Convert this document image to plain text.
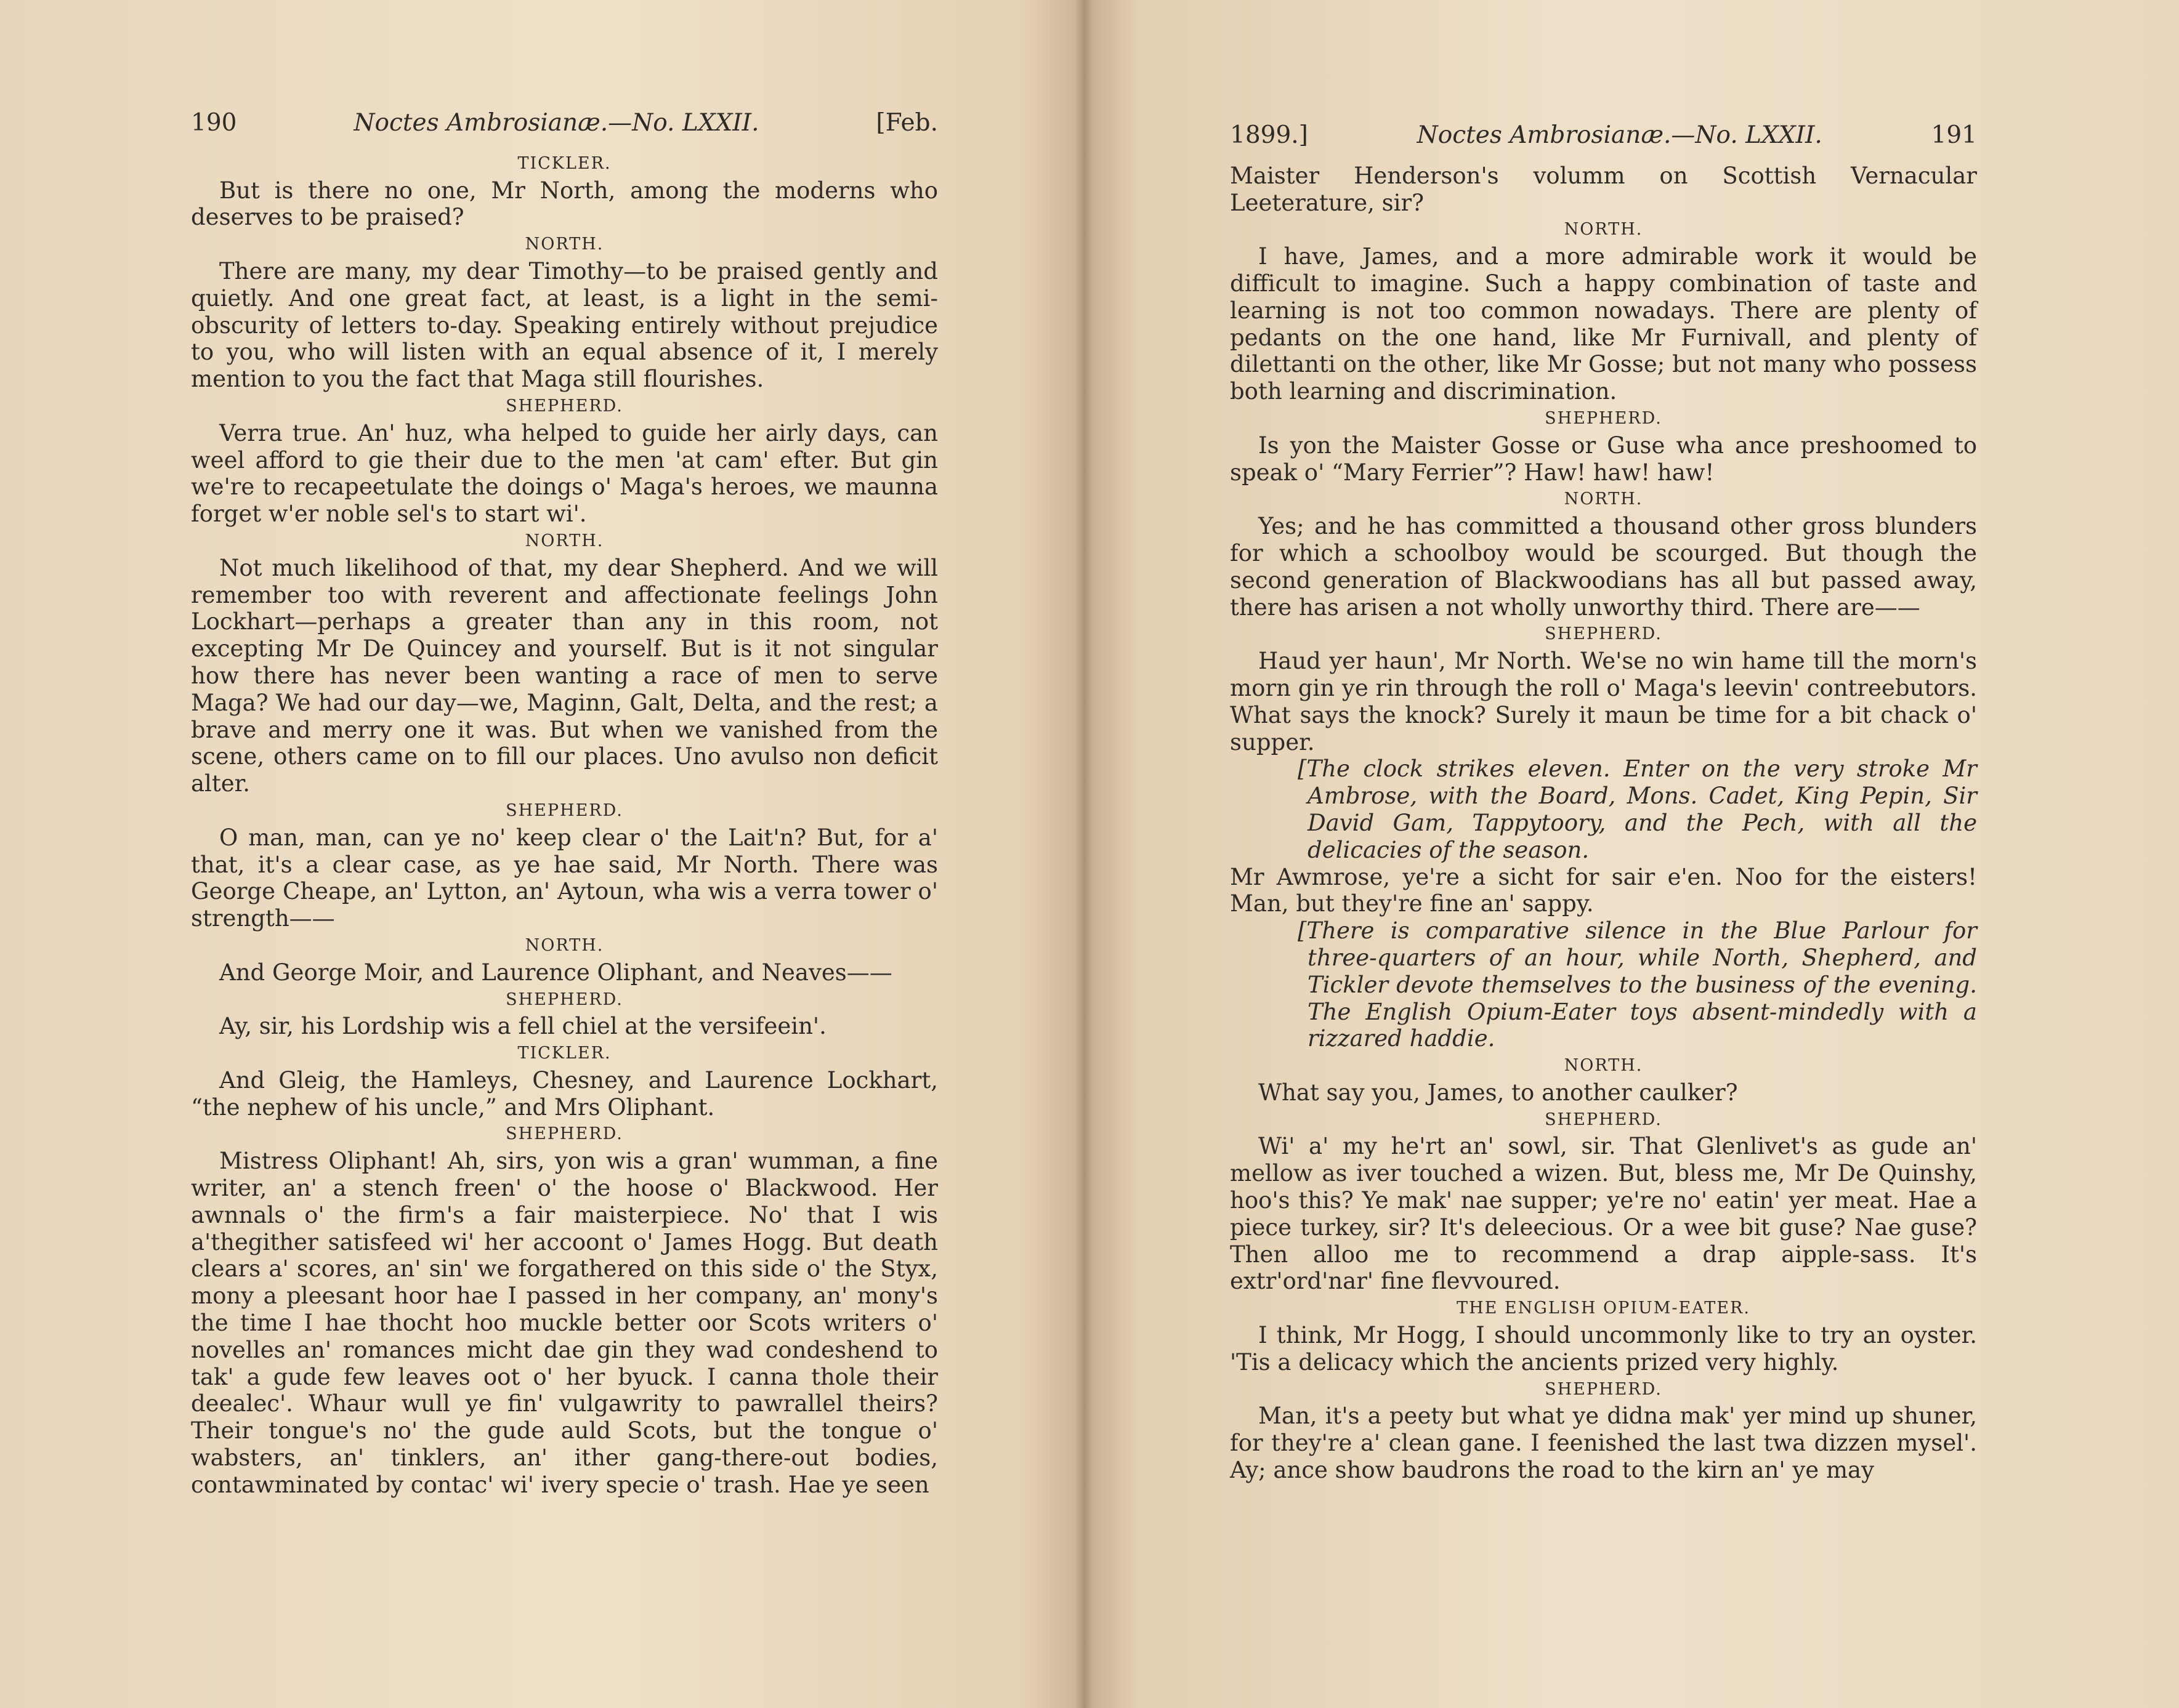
190	Noctes Ambrosianæ.—No. LXXII.	[Feb.
TICKLER.

But is there no one, Mr North, among the moderns who deserves to be praised?

NORTH.

There are many, my dear Timothy—to be praised gently and quietly. And one great fact, at least, is a light in the semi-obscurity of letters to-day. Speaking entirely without prejudice to you, who will listen with an equal absence of it, I merely mention to you the fact that Maga still flourishes.

SHEPHERD.

Verra true. An' huz, wha helped to guide her airly days, can weel afford to gie their due to the men 'at cam' efter. But gin we're to recapeetulate the doings o' Maga's heroes, we maunna forget w'er noble sel's to start wi'.

NORTH.

Not much likelihood of that, my dear Shepherd. And we will remember too with reverent and affectionate feelings John Lockhart—perhaps a greater than any in this room, not excepting Mr De Quincey and yourself. But is it not singular how there has never been wanting a race of men to serve Maga? We had our day—we, Maginn, Galt, Delta, and the rest; a brave and merry one it was. But when we vanished from the scene, others came on to fill our places. Uno avulso non deficit alter.

SHEPHERD.

O man, man, can ye no' keep clear o' the Lait'n? But, for a' that, it's a clear case, as ye hae said, Mr North. There was George Cheape, an' Lytton, an' Aytoun, wha wis a verra tower o' strength——

NORTH.

And George Moir, and Laurence Oliphant, and Neaves——

SHEPHERD.

Ay, sir, his Lordship wis a fell chiel at the versifeein'.

TICKLER.

And Gleig, the Hamleys, Chesney, and Laurence Lockhart, “the nephew of his uncle,” and Mrs Oliphant.

SHEPHERD.

Mistress Oliphant! Ah, sirs, yon wis a gran' wumman, a fine writer, an' a stench freen' o' the hoose o' Blackwood. Her awnnals o' the firm's a fair maisterpiece. No' that I wis a'thegither satisfeed wi' her accoont o' James Hogg. But death clears a' scores, an' sin' we forgathered on this side o' the Styx, mony a pleesant hoor hae I passed in her company, an' mony's the time I hae thocht hoo muckle better oor Scots writers o' novelles an' romances micht dae gin they wad condeshend to tak' a gude few leaves oot o' her byuck. I canna thole their deealec'. Whaur wull ye fin' vulgawrity to pawrallel theirs? Their tongue's no' the gude auld Scots, but the tongue o' wabsters, an' tinklers, an' ither gang-there-out bodies, contawminated by contac' wi' ivery specie o' trash. Hae ye seen

1899.]	Noctes Ambrosianæ.—No. LXXII.	191

Maister Henderson's volumm on Scottish Vernacular Leeterature, sir?

NORTH.

I have, James, and a more admirable work it would be difficult to imagine. Such a happy combination of taste and learning is not too common nowadays. There are plenty of pedants on the one hand, like Mr Furnivall, and plenty of dilettanti on the other, like Mr Gosse; but not many who possess both learning and discrimination.

SHEPHERD.

Is yon the Maister Gosse or Guse wha ance preshoomed to speak o' “Mary Ferrier”? Haw! haw! haw!

NORTH.

Yes; and he has committed a thousand other gross blunders for which a schoolboy would be scourged. But though the second generation of Blackwoodians has all but passed away, there has arisen a not wholly unworthy third. There are——

SHEPHERD.

Haud yer haun', Mr North. We'se no win hame till the morn's morn gin ye rin through the roll o' Maga's leevin' contreebutors. What says the knock? Surely it maun be time for a bit chack o' supper.

[The clock strikes eleven. Enter on the very stroke Mr Ambrose, with the Board, Mons. Cadet, King Pepin, Sir David Gam, Tappytoory, and the Pech, with all the delicacies of the season.

Mr Awmrose, ye're a sicht for sair e'en. Noo for the eisters! Man, but they're fine an' sappy.

[There is comparative silence in the Blue Parlour for three-quarters of an hour, while North, Shepherd, and Tickler devote themselves to the business of the evening. The English Opium-Eater toys absent-mindedly with a rizzared haddie.

NORTH.

What say you, James, to another caulker?

SHEPHERD.

Wi' a' my he'rt an' sowl, sir. That Glenlivet's as gude an' mellow as iver touched a wizen. But, bless me, Mr De Quinshy, hoo's this? Ye mak' nae supper; ye're no' eatin' yer meat. Hae a piece turkey, sir? It's deleecious. Or a wee bit guse? Nae guse? Then alloo me to recommend a drap aipple-sass. It's extr'ord'nar' fine flevvoured.

THE ENGLISH OPIUM-EATER.

I think, Mr Hogg, I should uncommonly like to try an oyster. 'Tis a delicacy which the ancients prized very highly.

SHEPHERD.

Man, it's a peety but what ye didna mak' yer mind up shuner, for they're a' clean gane. I feenished the last twa dizzen mysel'. Ay; ance show baudrons the road to the kirn an' ye may
